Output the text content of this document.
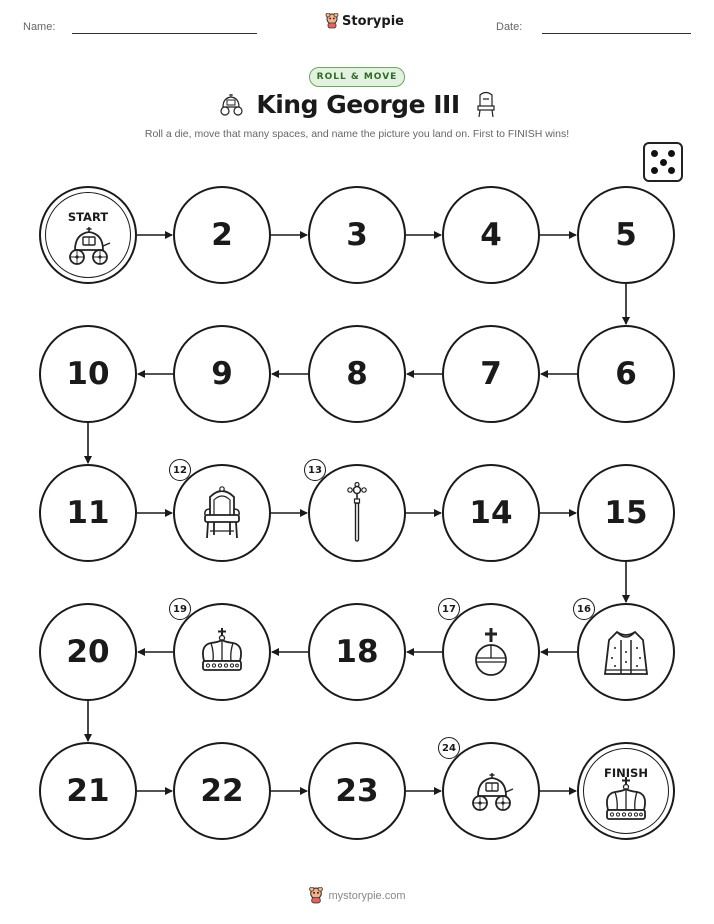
Name:	Storypie	Date:
ROLL & MOVE
King George III
Roll a die, move that many spaces, and name the picture you land on. First to FINISH wins!
START	2	3	4	5
6
7
8
9
10
11
12	13
14	15
16
17
18
19
20
21	22	23
24
FINISH
mystorypie.com
